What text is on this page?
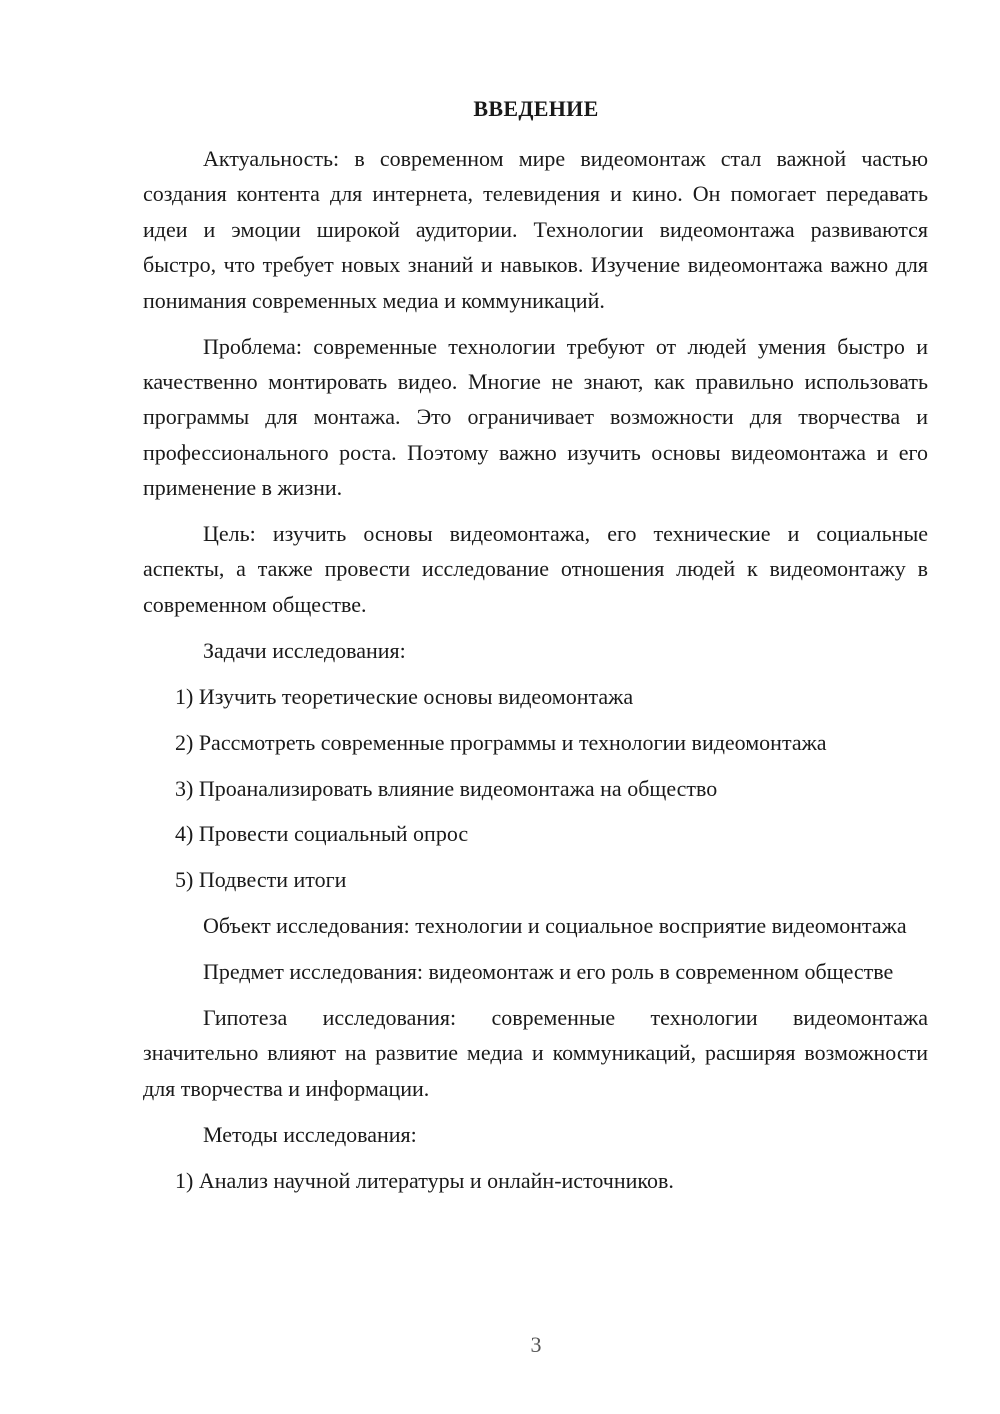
ВВЕДЕНИЕ

Актуальность: в современном мире видеомонтаж стал важной частью создания контента для интернета, телевидения и кино. Он помогает передавать идеи и эмоции широкой аудитории. Технологии видеомонтажа развиваются быстро, что требует новых знаний и навыков. Изучение видеомонтажа важно для понимания современных медиа и коммуникаций.

Проблема: современные технологии требуют от людей умения быстро и качественно монтировать видео. Многие не знают, как правильно использовать программы для монтажа. Это ограничивает возможности для творчества и профессионального роста. Поэтому важно изучить основы видеомонтажа и его применение в жизни.

Цель: изучить основы видеомонтажа, его технические и социальные аспекты, а также провести исследование отношения людей к видеомонтажу в современном обществе.

Задачи исследования:

1) Изучить теоретические основы видеомонтажа

2) Рассмотреть современные программы и технологии видеомонтажа

3) Проанализировать влияние видеомонтажа на общество

4) Провести социальный опрос

5) Подвести итоги

Объект исследования: технологии и социальное восприятие видеомонтажа

Предмет исследования: видеомонтаж и его роль в современном обществе

Гипотеза исследования: современные технологии видеомонтажа значительно влияют на развитие медиа и коммуникаций, расширяя возможности для творчества и информации.

Методы исследования:

1) Анализ научной литературы и онлайн-источников.

3
